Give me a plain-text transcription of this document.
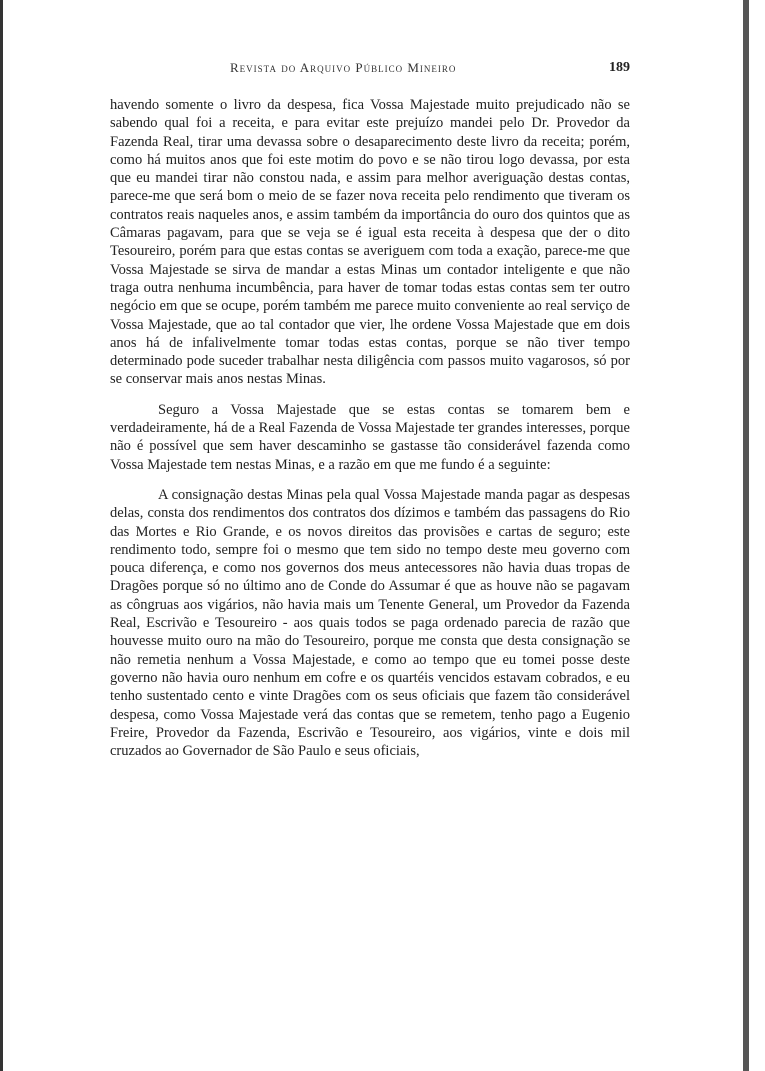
Revista do Arquivo Público Mineiro	189

havendo somente o livro da despesa, fica Vossa Majestade muito prejudicado não se sabendo qual foi a receita, e para evitar este prejuízo mandei pelo Dr. Provedor da Fazenda Real, tirar uma devassa sobre o desaparecimento deste livro da receita; porém, como há muitos anos que foi este motim do povo e se não tirou logo devassa, por esta que eu mandei tirar não constou nada, e assim para melhor averiguação destas contas, parece-me que será bom o meio de se fazer nova receita pelo rendimento que tiveram os contratos reais naqueles anos, e assim também da importância do ouro dos quintos que as Câmaras pagavam, para que se veja se é igual esta receita à despesa que der o dito Tesoureiro, porém para que estas contas se averiguem com toda a exação, parece-me que Vossa Majestade se sirva de mandar a estas Minas um contador inteligente e que não traga outra nenhuma incumbência, para haver de tomar todas estas contas sem ter outro negócio em que se ocupe, porém também me parece muito conveniente ao real serviço de Vossa Majestade, que ao tal contador que vier, lhe ordene Vossa Majestade que em dois anos há de infalivelmente tomar todas estas contas, porque se não tiver tempo determinado pode suceder trabalhar nesta diligência com passos muito vagarosos, só por se conservar mais anos nestas Minas.

Seguro a Vossa Majestade que se estas contas se tomarem bem e verdadeiramente, há de a Real Fazenda de Vossa Majestade ter grandes interesses, porque não é possível que sem haver descaminho se gastasse tão considerável fazenda como Vossa Majestade tem nestas Minas, e a razão em que me fundo é a seguinte:

A consignação destas Minas pela qual Vossa Majestade manda pagar as despesas delas, consta dos rendimentos dos contratos dos dízimos e também das passagens do Rio das Mortes e Rio Grande, e os novos direitos das provisões e cartas de seguro; este rendimento todo, sempre foi o mesmo que tem sido no tempo deste meu governo com pouca diferença, e como nos governos dos meus antecessores não havia duas tropas de Dragões porque só no último ano de Conde do Assumar é que as houve não se pagavam as côngruas aos vigários, não havia mais um Tenente General, um Provedor da Fazenda Real, Escrivão e Tesoureiro - aos quais todos se paga ordenado parecia de razão que houvesse muito ouro na mão do Tesoureiro, porque me consta que desta consignação se não remetia nenhum a Vossa Majestade, e como ao tempo que eu tomei posse deste governo não havia ouro nenhum em cofre e os quartéis vencidos estavam cobrados, e eu tenho sustentado cento e vinte Dragões com os seus oficiais que fazem tão considerável despesa, como Vossa Majestade verá das contas que se remetem, tenho pago a Eugenio Freire, Provedor da Fazenda, Escrivão e Tesoureiro, aos vigários, vinte e dois mil cruzados ao Governador de São Paulo e seus oficiais,
